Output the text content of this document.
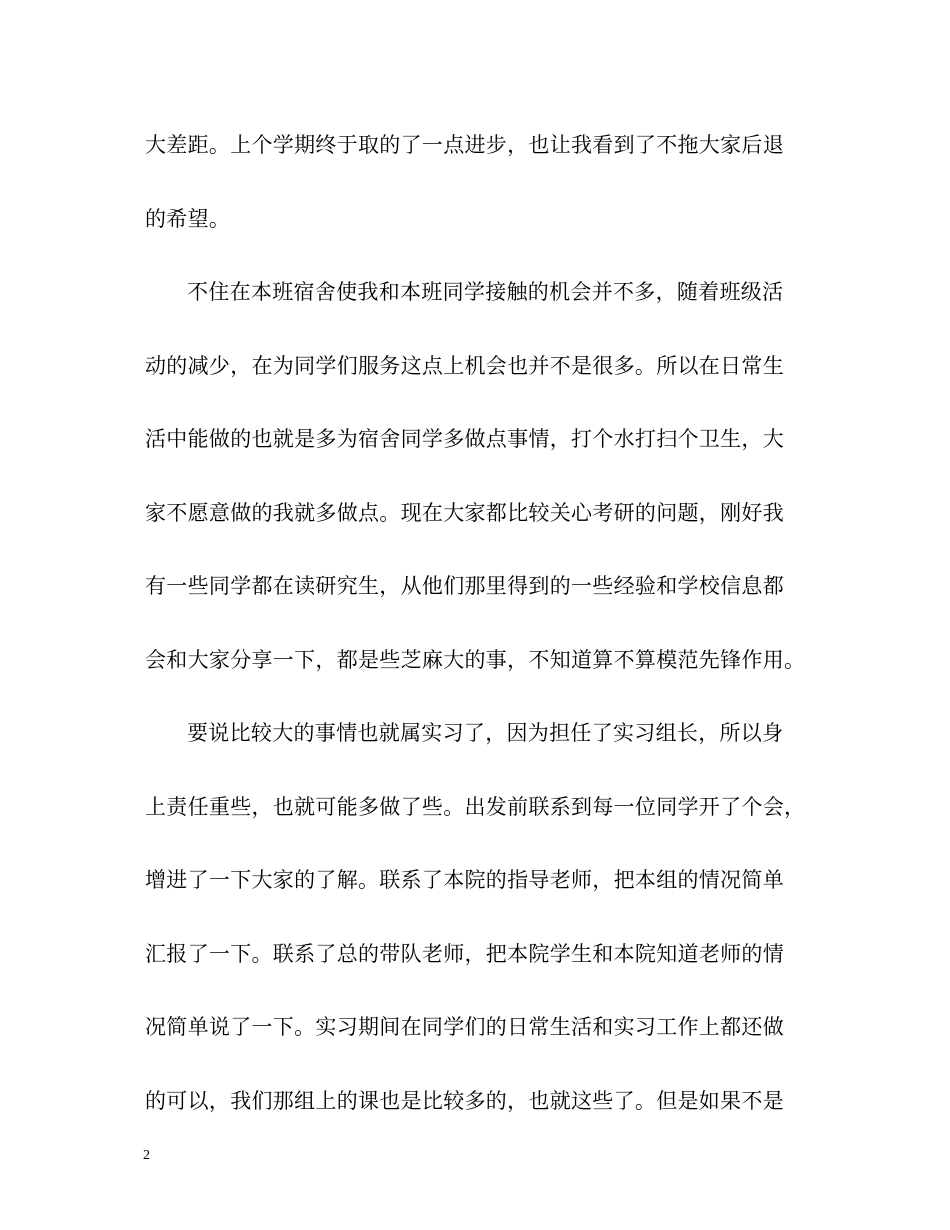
大差距。上个学期终于取的了一点进步，也让我看到了不拖大家后退
的希望。
不住在本班宿舍使我和本班同学接触的机会并不多，随着班级活
动的减少，在为同学们服务这点上机会也并不是很多。所以在日常生
活中能做的也就是多为宿舍同学多做点事情，打个水打扫个卫生，大
家不愿意做的我就多做点。现在大家都比较关心考研的问题，刚好我
有一些同学都在读研究生，从他们那里得到的一些经验和学校信息都
会和大家分享一下，都是些芝麻大的事，不知道算不算模范先锋作用。
要说比较大的事情也就属实习了，因为担任了实习组长，所以身
上责任重些，也就可能多做了些。出发前联系到每一位同学开了个会，
增进了一下大家的了解。联系了本院的指导老师，把本组的情况简单
汇报了一下。联系了总的带队老师，把本院学生和本院知道老师的情
况简单说了一下。实习期间在同学们的日常生活和实习工作上都还做
的可以，我们那组上的课也是比较多的，也就这些了。但是如果不是
2
